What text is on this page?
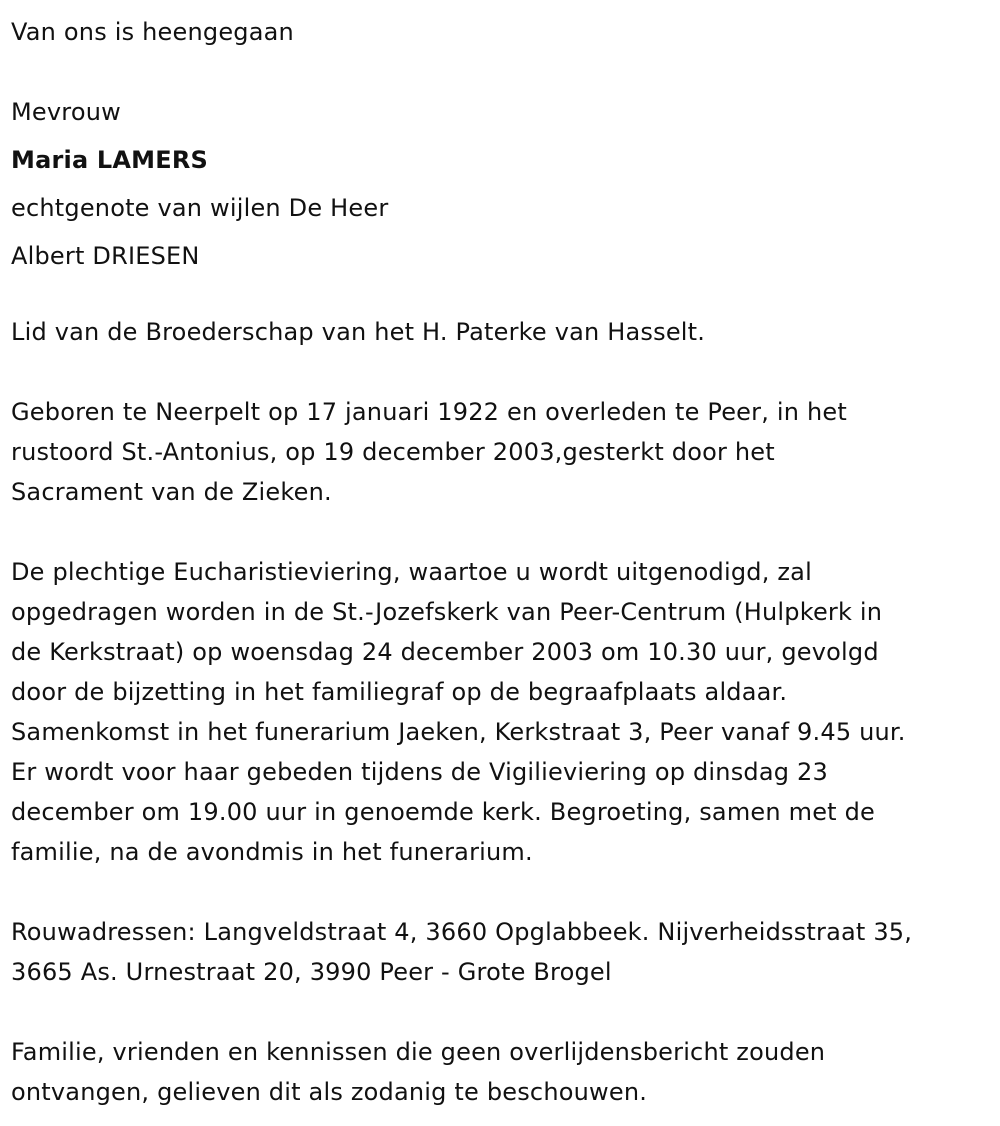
Van ons is heengegaan
Mevrouw
Maria LAMERS
echtgenote van wijlen De Heer
Albert DRIESEN
Lid van de Broederschap van het H. Paterke van Hasselt.
Geboren te Neerpelt op 17 januari 1922 en overleden te Peer, in het
rustoord St.-Antonius, op 19 december 2003,gesterkt door het
Sacrament van de Zieken.
De plechtige Eucharistieviering, waartoe u wordt uitgenodigd, zal
opgedragen worden in de St.-Jozefskerk van Peer-Centrum (Hulpkerk in
de Kerkstraat) op woensdag 24 december 2003 om 10.30 uur, gevolgd
door de bijzetting in het familiegraf op de begraafplaats aldaar.
Samenkomst in het funerarium Jaeken, Kerkstraat 3, Peer vanaf 9.45 uur.
Er wordt voor haar gebeden tijdens de Vigilieviering op dinsdag 23
december om 19.00 uur in genoemde kerk. Begroeting, samen met de
familie, na de avondmis in het funerarium.
Rouwadressen: Langveldstraat 4, 3660 Opglabbeek. Nijverheidsstraat 35,
3665 As. Urnestraat 20, 3990 Peer - Grote Brogel
Familie, vrienden en kennissen die geen overlijdensbericht zouden
ontvangen, gelieven dit als zodanig te beschouwen.
